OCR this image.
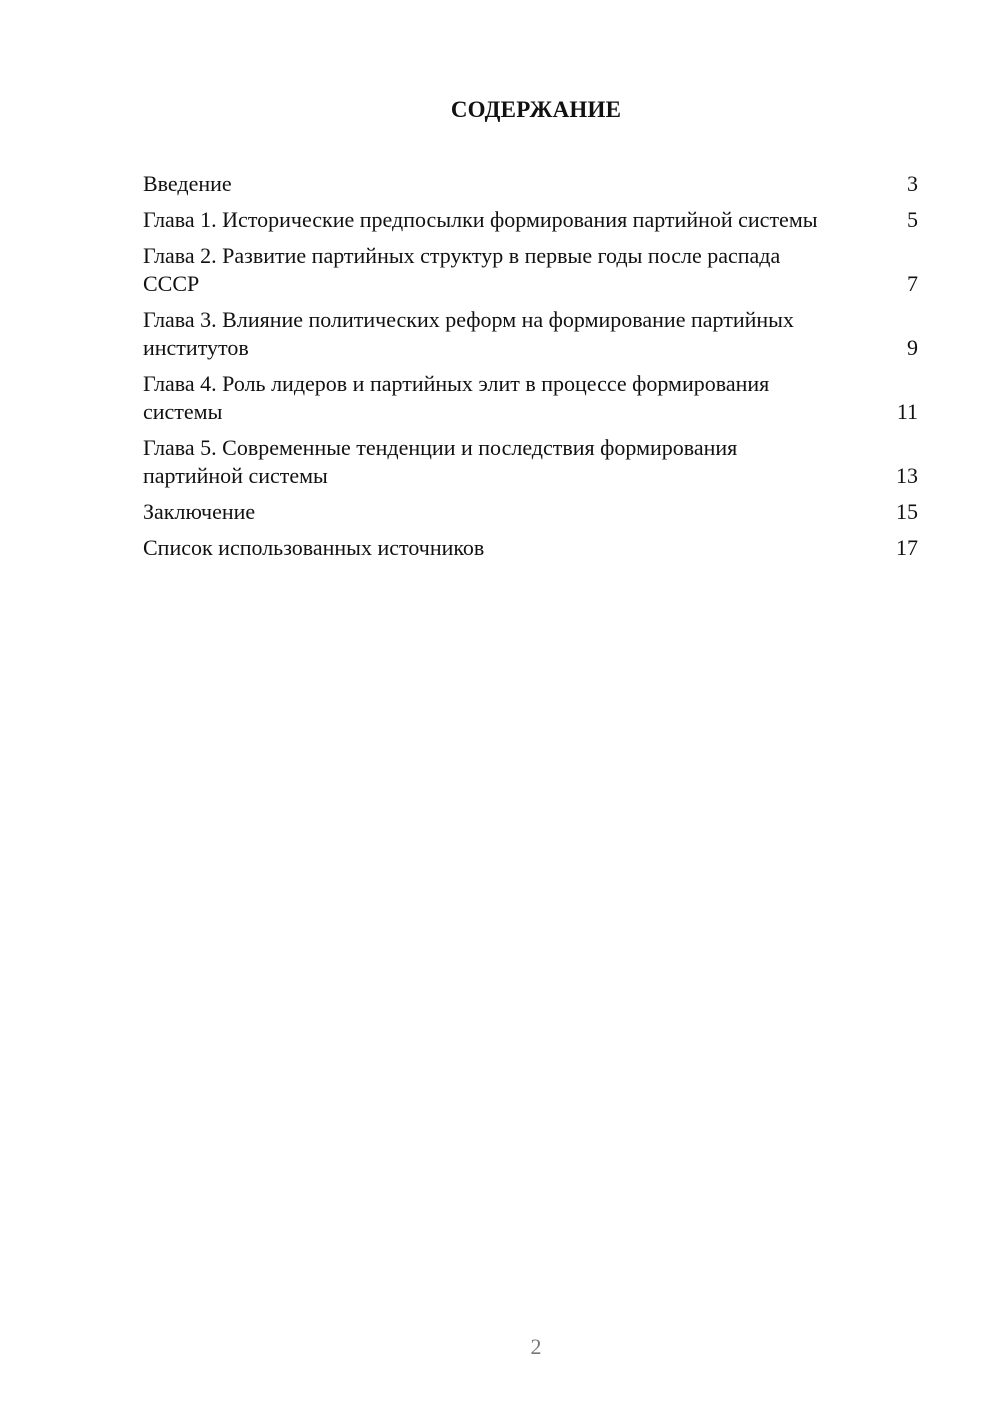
СОДЕРЖАНИЕ
Введение	3
Глава 1. Исторические предпосылки формирования партийной системы	5
Глава 2. Развитие партийных структур в первые годы после распада СССР	7
Глава 3. Влияние политических реформ на формирование партийных институтов	9
Глава 4. Роль лидеров и партийных элит в процессе формирования системы	11
Глава 5. Современные тенденции и последствия формирования партийной системы	13
Заключение	15
Список использованных источников	17
2
